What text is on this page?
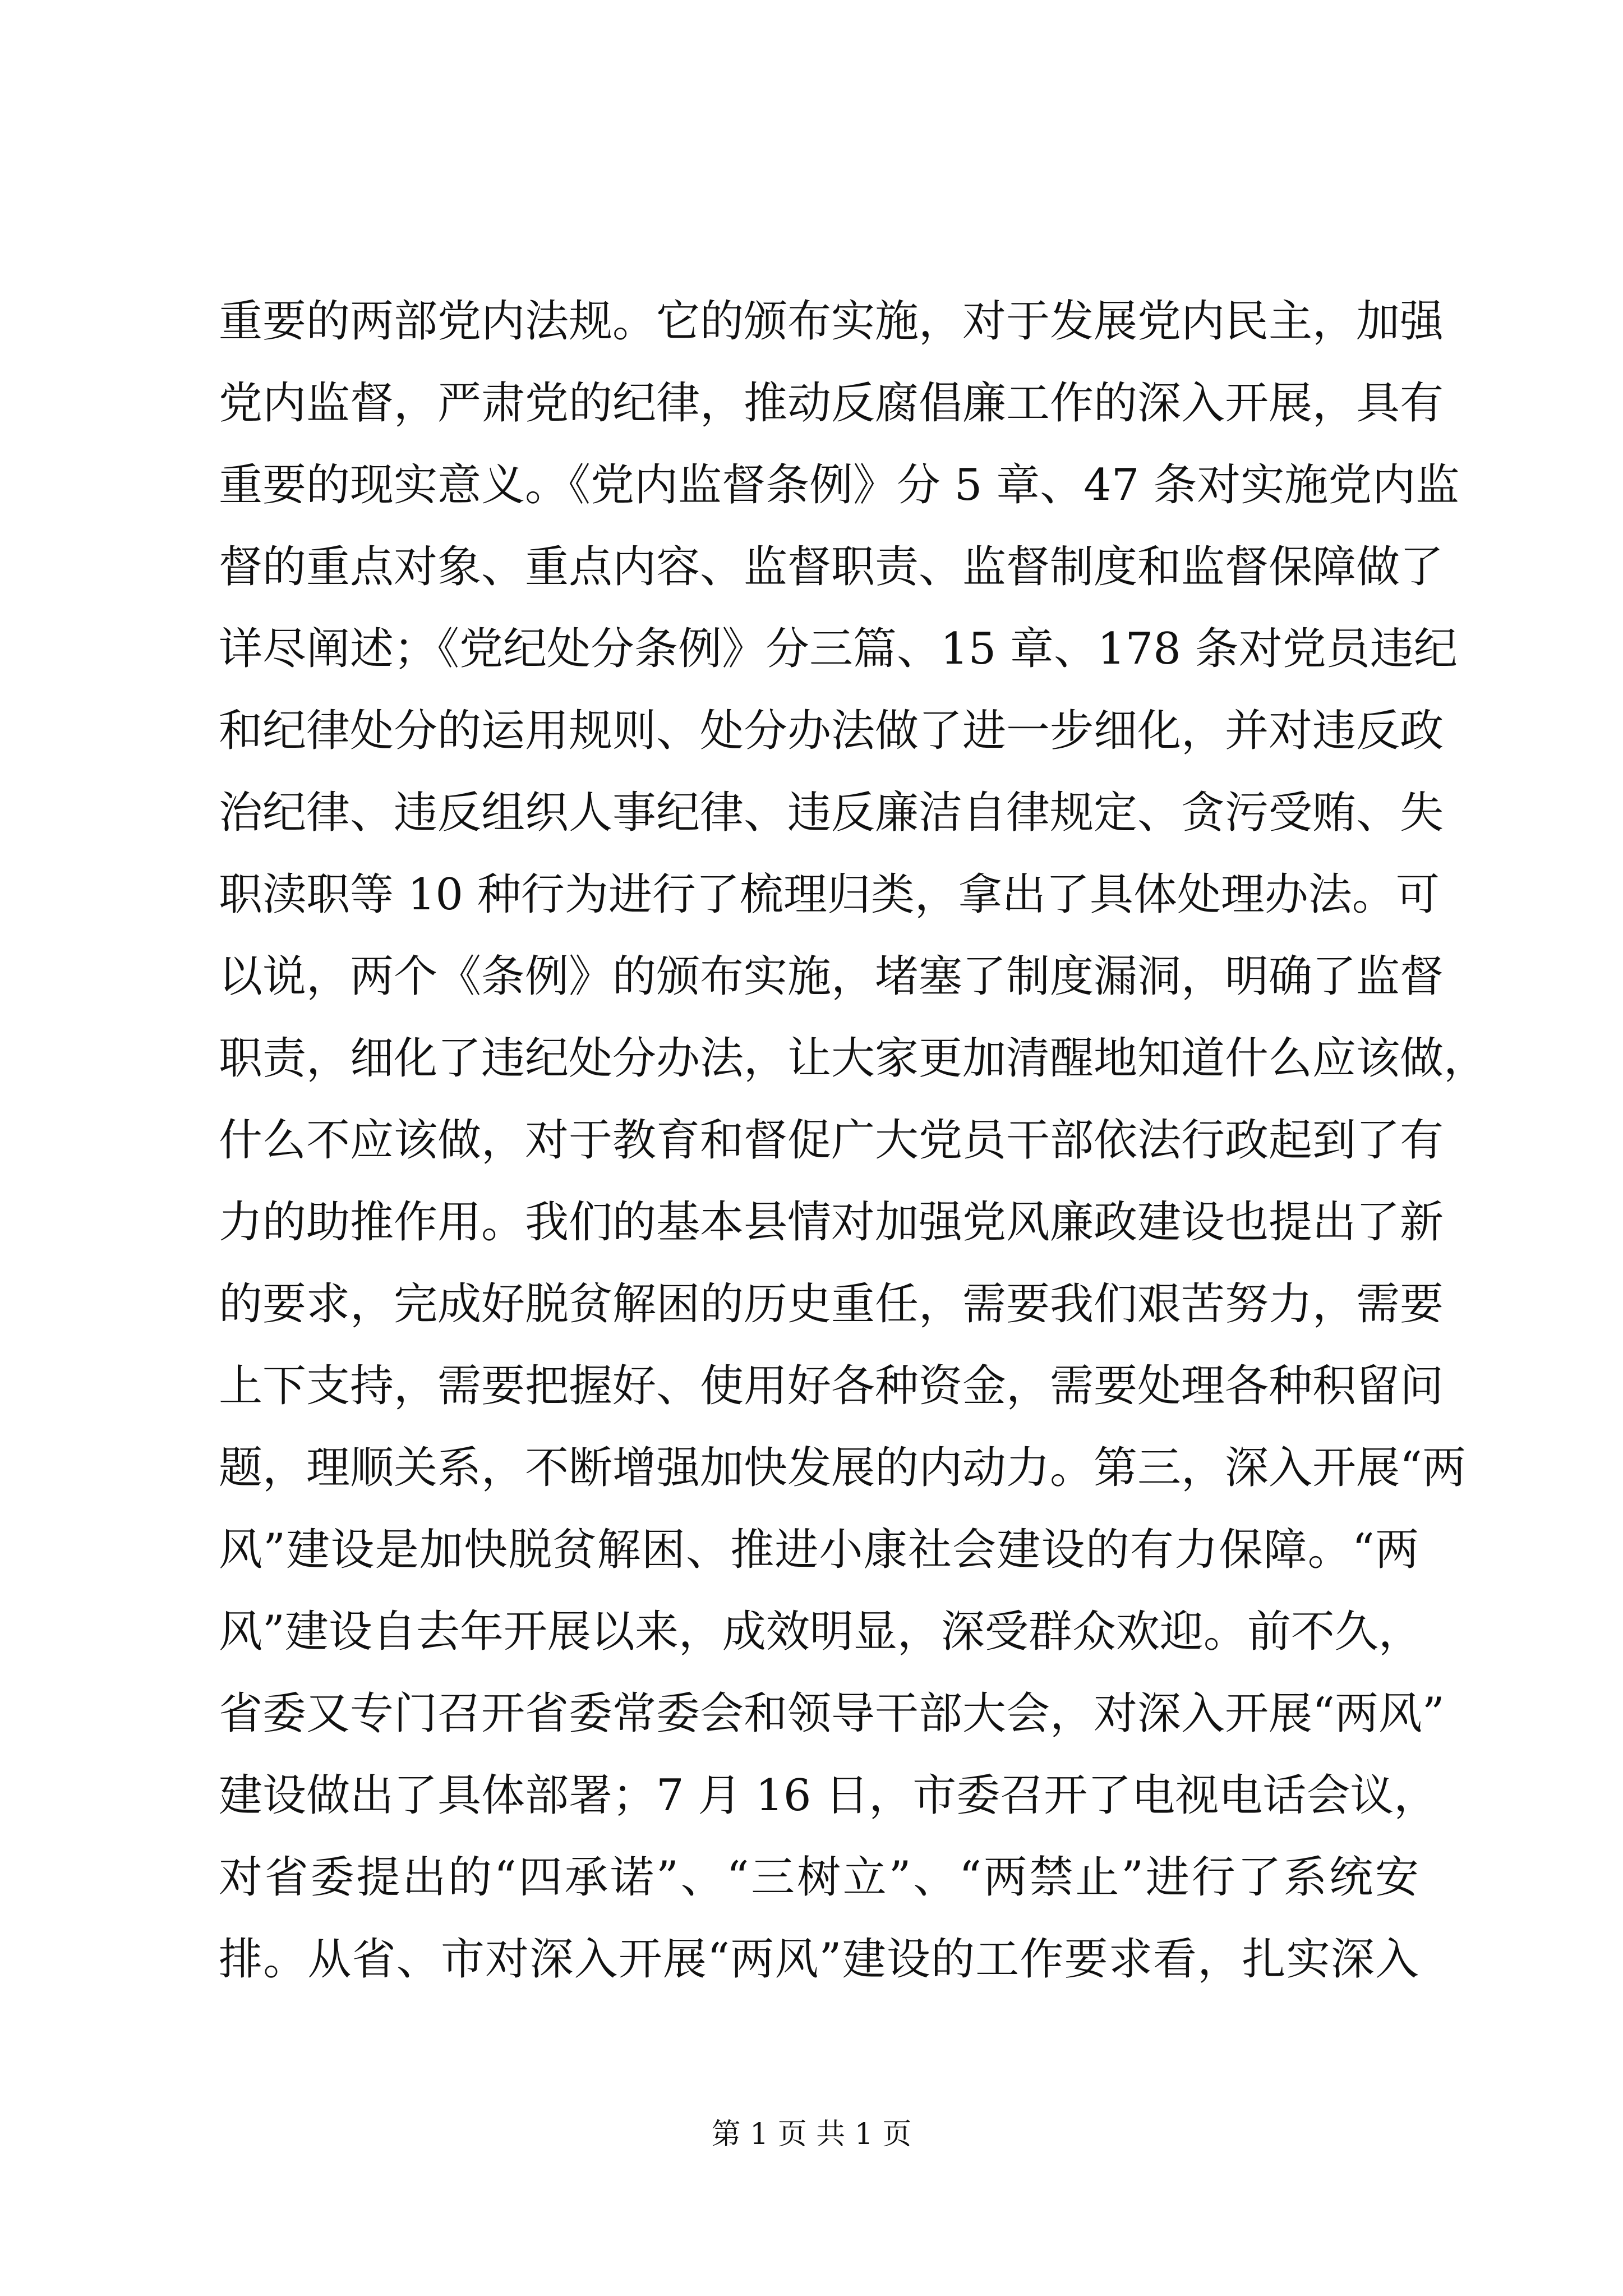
重要的两部党内法规。它的颁布实施，对于发展党内民主，加强
党内监督，严肃党的纪律，推动反腐倡廉工作的深入开展，具有
重要的现实意义。《党内监督条例》分 5 章、47 条对实施党内监
督的重点对象、重点内容、监督职责、监督制度和监督保障做了
详尽阐述；《党纪处分条例》分三篇、15 章、178 条对党员违纪
和纪律处分的运用规则、处分办法做了进一步细化，并对违反政
治纪律、违反组织人事纪律、违反廉洁自律规定、贪污受贿、失
职渎职等 10 种行为进行了梳理归类，拿出了具体处理办法。可
以说，两个《条例》的颁布实施，堵塞了制度漏洞，明确了监督
职责，细化了违纪处分办法，让大家更加清醒地知道什么应该做，
什么不应该做，对于教育和督促广大党员干部依法行政起到了有
力的助推作用。我们的基本县情对加强党风廉政建设也提出了新
的要求，完成好脱贫解困的历史重任，需要我们艰苦努力，需要
上下支持，需要把握好、使用好各种资金，需要处理各种积留问
题，理顺关系，不断增强加快发展的内动力。第三，深入开展“两
风”建设是加快脱贫解困、推进小康社会建设的有力保障。“两
风”建设自去年开展以来，成效明显，深受群众欢迎。前不久，
省委又专门召开省委常委会和领导干部大会，对深入开展“两风”
建设做出了具体部署；7 月 16 日，市委召开了电视电话会议，
对省委提出的“四承诺”、“三树立”、“两禁止”进行了系统安
排。从省、市对深入开展“两风”建设的工作要求看，扎实深入
第 1 页 共 1 页
